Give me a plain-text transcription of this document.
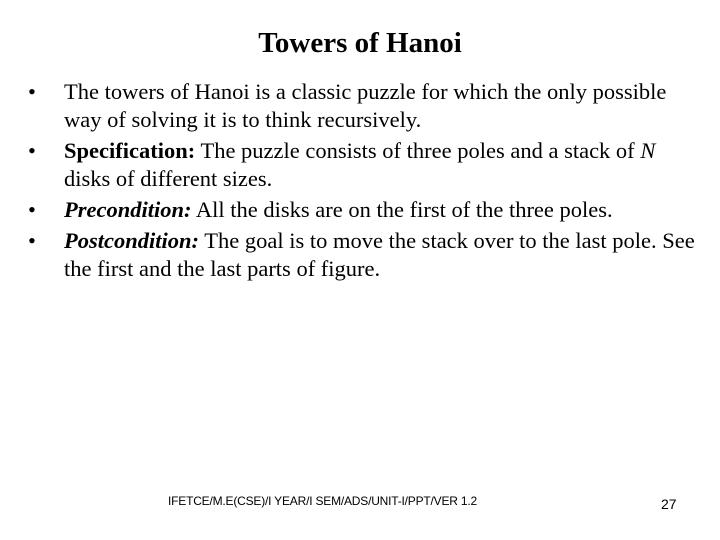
Towers of Hanoi
•	The towers of Hanoi is a classic puzzle for which the only possible way of solving it is to think recursively.
•	Specification: The puzzle consists of three poles and a stack of N disks of different sizes.
•	Precondition: All the disks are on the first of the three poles.
•	Postcondition: The goal is to move the stack over to the last pole. See the first and the last parts of figure.
IFETCE/M.E(CSE)/I YEAR/I SEM/ADS/UNIT-I/PPT/VER 1.2	27
